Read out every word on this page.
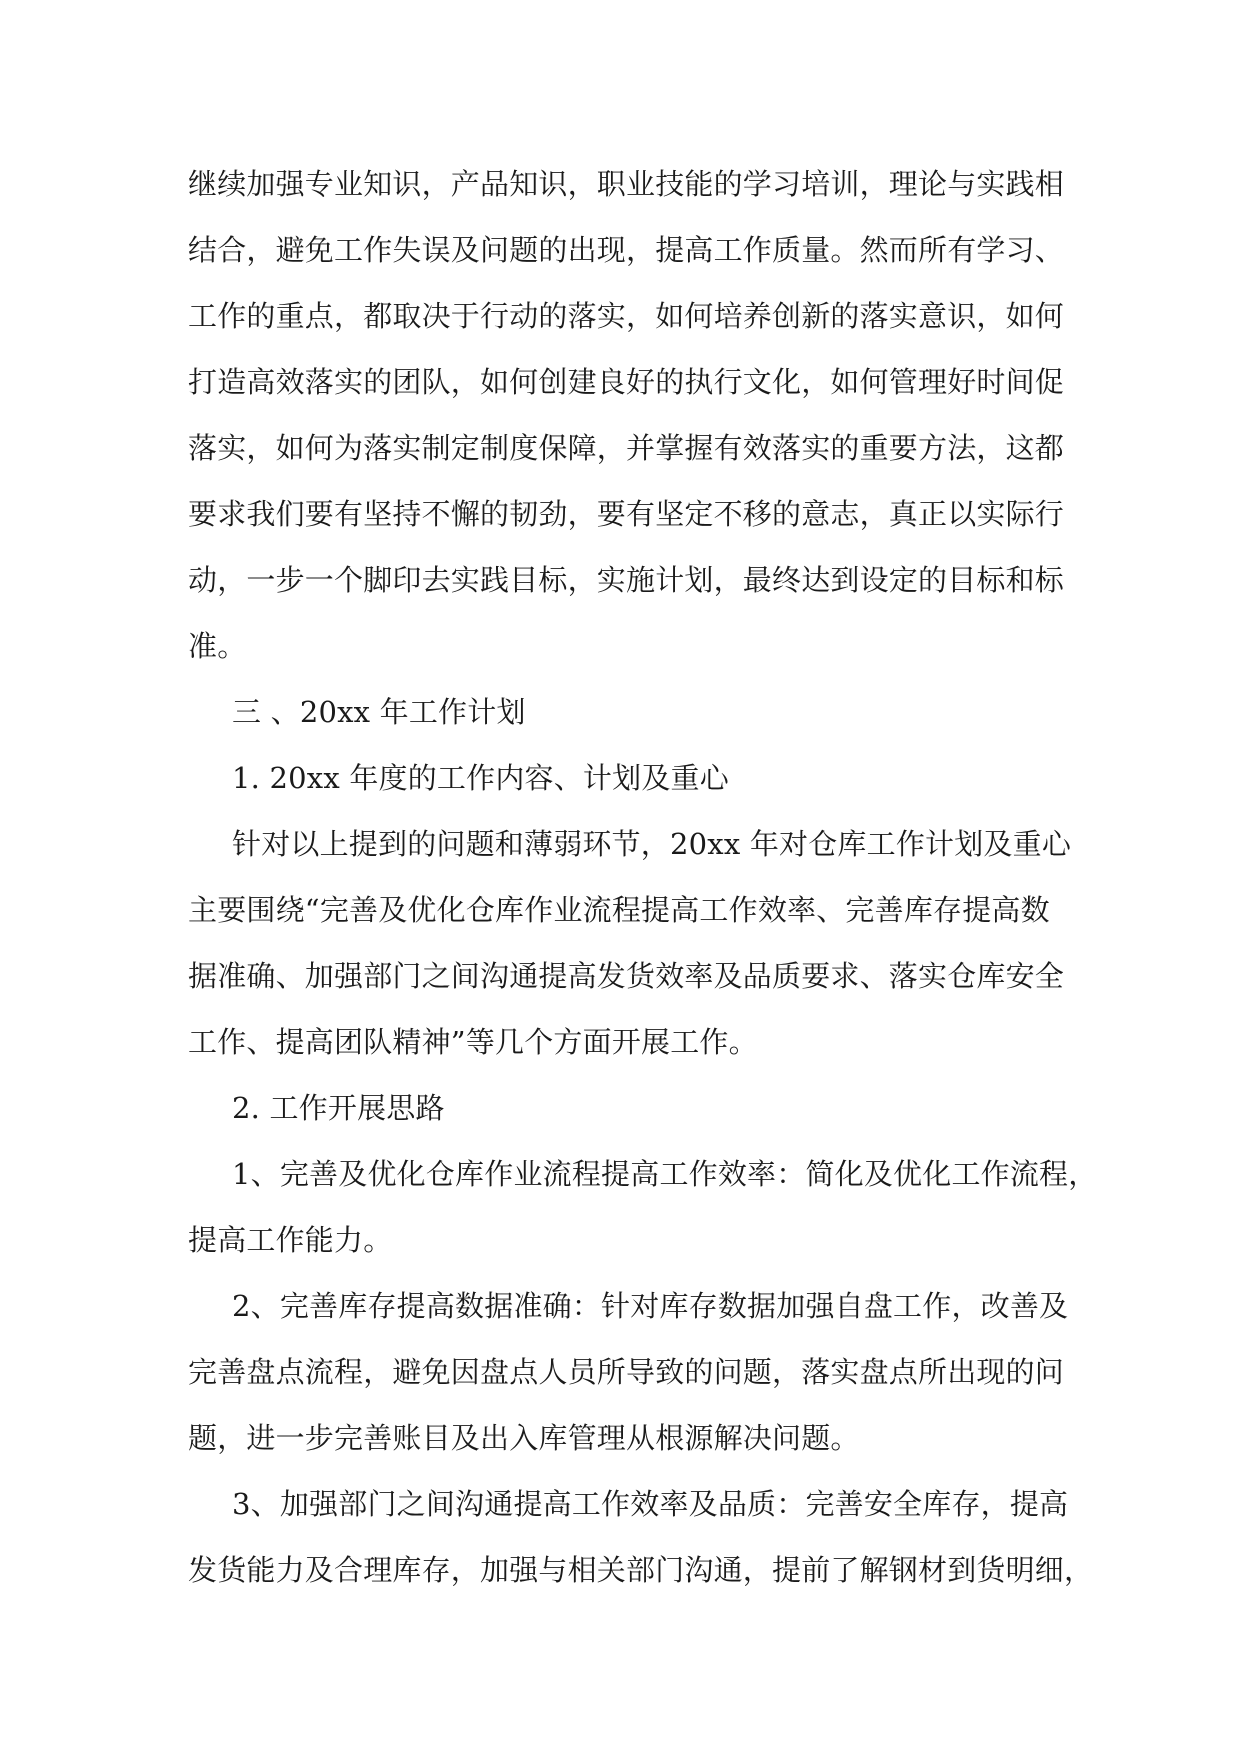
继续加强专业知识，产品知识，职业技能的学习培训，理论与实践相
结合，避免工作失误及问题的出现，提高工作质量。然而所有学习、
工作的重点，都取决于行动的落实，如何培养创新的落实意识，如何
打造高效落实的团队，如何创建良好的执行文化，如何管理好时间促
落实，如何为落实制定制度保障，并掌握有效落实的重要方法，这都
要求我们要有坚持不懈的韧劲，要有坚定不移的意志，真正以实际行
动，一步一个脚印去实践目标，实施计划，最终达到设定的目标和标
准。
三 、20xx 年工作计划
1. 20xx 年度的工作内容、计划及重心
针对以上提到的问题和薄弱环节，20xx 年对仓库工作计划及重心
主要围绕“完善及优化仓库作业流程提高工作效率、完善库存提高数
据准确、加强部门之间沟通提高发货效率及品质要求、落实仓库安全
工作、提高团队精神”等几个方面开展工作。
2. 工作开展思路
1、完善及优化仓库作业流程提高工作效率：简化及优化工作流程，
提高工作能力。
2、完善库存提高数据准确：针对库存数据加强自盘工作，改善及
完善盘点流程，避免因盘点人员所导致的问题，落实盘点所出现的问
题，进一步完善账目及出入库管理从根源解决问题。
3、加强部门之间沟通提高工作效率及品质：完善安全库存，提高
发货能力及合理库存，加强与相关部门沟通，提前了解钢材到货明细，
